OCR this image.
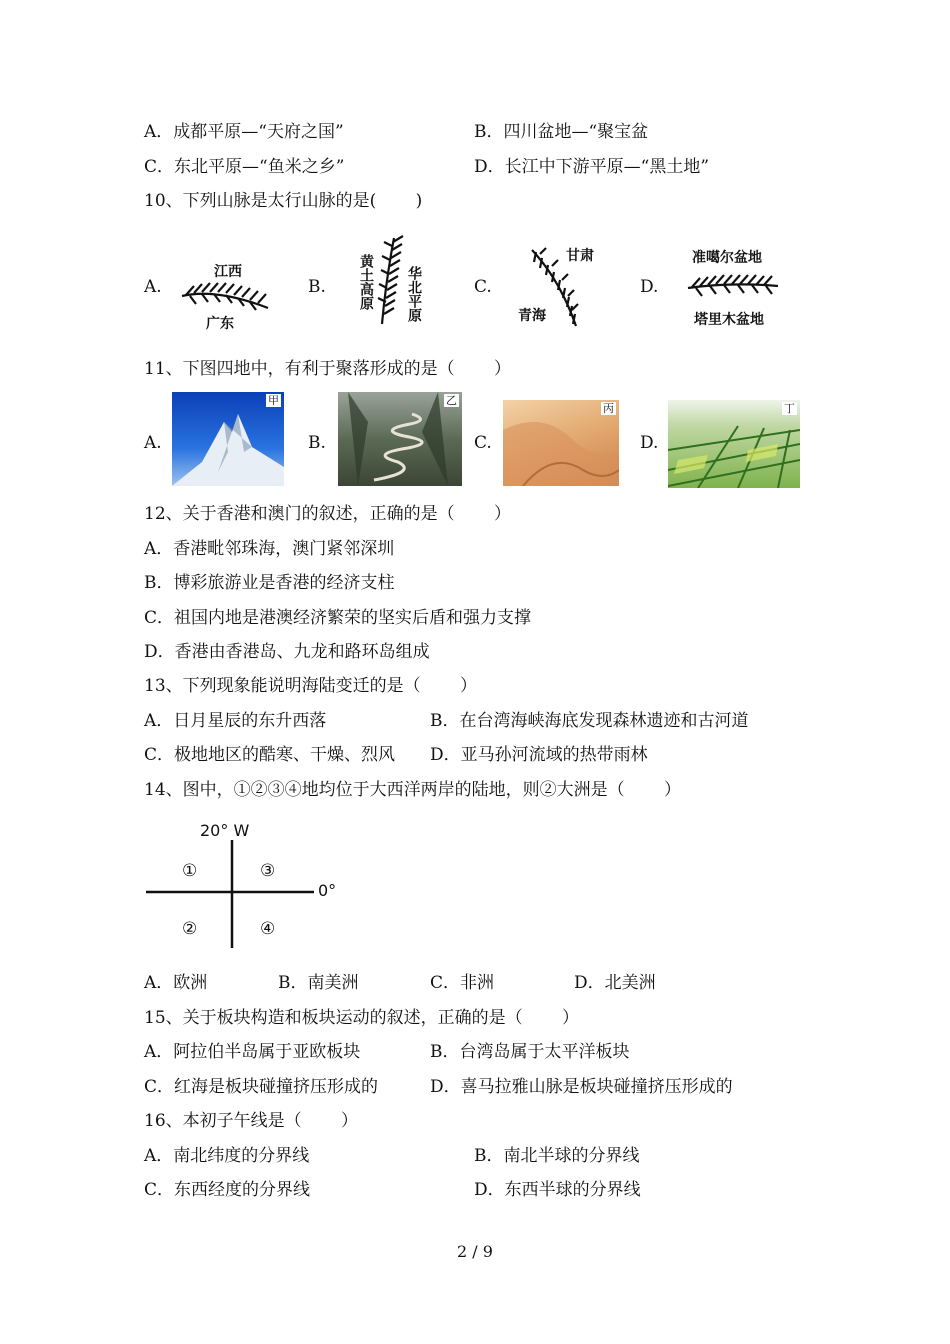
A．成都平原—“天府之国”	B．四川盆地—“聚宝盆
C．东北平原—“鱼米之乡”	D．长江中下游平原—“黑土地”
10、下列山脉是太行山脉的是(　　 )
A.	B.	C.	D.
江西
广东
黄土高原 华北平原
甘肃
青海
准噶尔盆地
塔里木盆地
11、下图四地中，有利于聚落形成的是（　　 ）
A.	B.	C.	D.
甲	乙
丙	丁
12、关于香港和澳门的叙述，正确的是（　　 ）
A．香港毗邻珠海，澳门紧邻深圳
B．博彩旅游业是香港的经济支柱
C．祖国内地是港澳经济繁荣的坚实后盾和强力支撑
D．香港由香港岛、九龙和路环岛组成
13、下列现象能说明海陆变迁的是（　　 ）
A．日月星辰的东升西落	B．在台湾海峡海底发现森林遗迹和古河道
C．极地地区的酷寒、干燥、烈风 D．亚马孙河流域的热带雨林
14、图中，①②③④地均位于大西洋两岸的陆地，则②大洲是（　　 ）
20° W
0°
①	③
②	④
A．欧洲	B．南美洲	C．非洲	D．北美洲
15、关于板块构造和板块运动的叙述，正确的是（　　 ）
A．阿拉伯半岛属于亚欧板块	B．台湾岛属于太平洋板块
C．红海是板块碰撞挤压形成的	D．喜马拉雅山脉是板块碰撞挤压形成的
16、本初子午线是（　　 ）
A．南北纬度的分界线	B．南北半球的分界线
C．东西经度的分界线	D．东西半球的分界线
2 / 9
